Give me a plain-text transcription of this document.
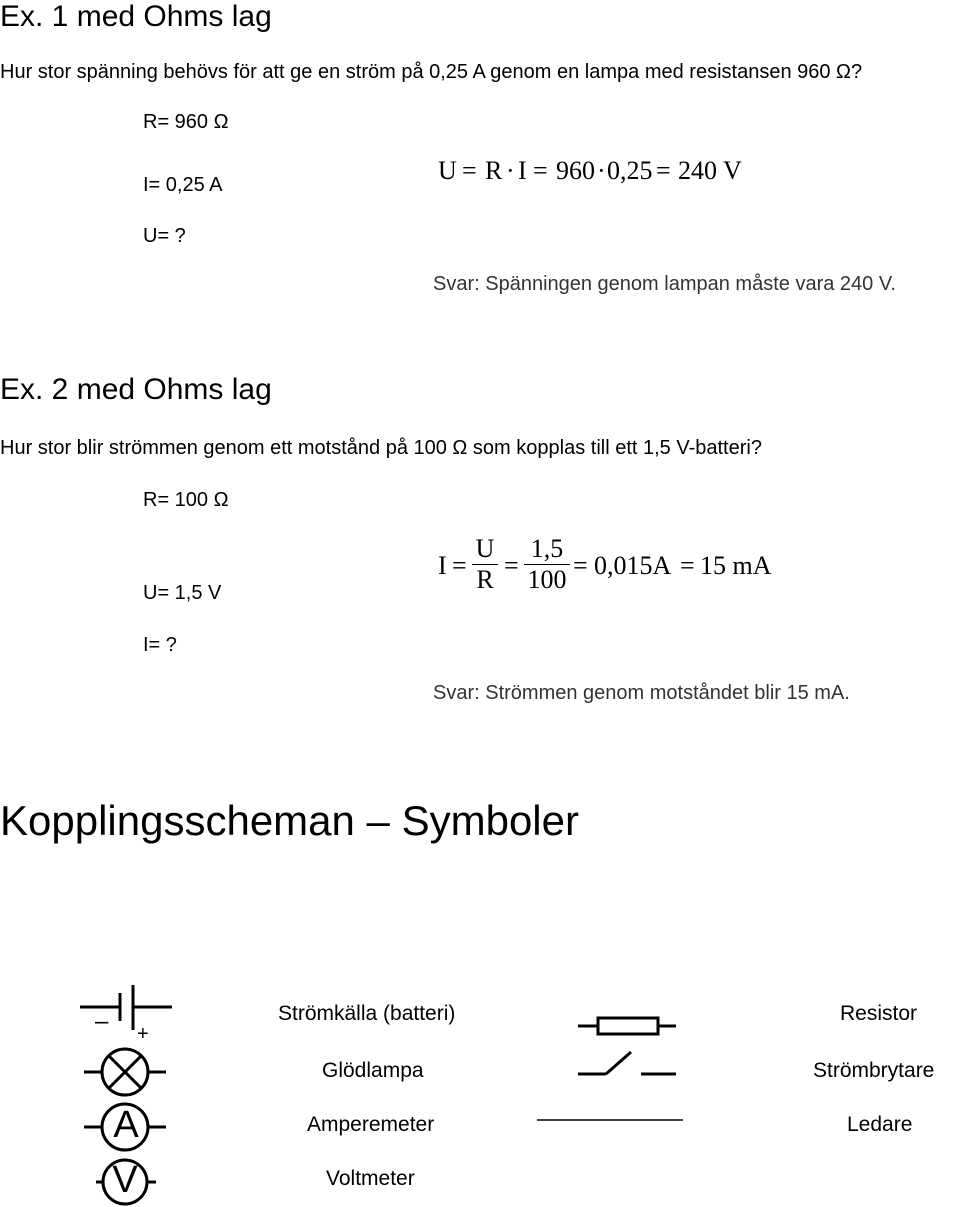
Ex. 1 med Ohms lag
Hur stor spänning behövs för att ge en ström på 0,25 A genom en lampa med resistansen 960 Ω?
R= 960 Ω
I= 0,25 A
U= ?
U = R · I = 960 · 0,25 = 240 V
Svar: Spänningen genom lampan måste vara 240 V.
Ex. 2 med Ohms lag
Hur stor blir strömmen genom ett motstånd på 100 Ω som kopplas till ett 1,5 V-batteri?
R= 100 Ω
U= 1,5 V
I= ?
I =
U
R =
1,5
100 = 0,015A = 15 mA
Svar: Strömmen genom motståndet blir 15 mA.
Kopplingsscheman – Symboler
– +
A
V
Strömkälla (batteri)
Glödlampa
Amperemeter
Voltmeter
Resistor
Strömbrytare
Ledare
